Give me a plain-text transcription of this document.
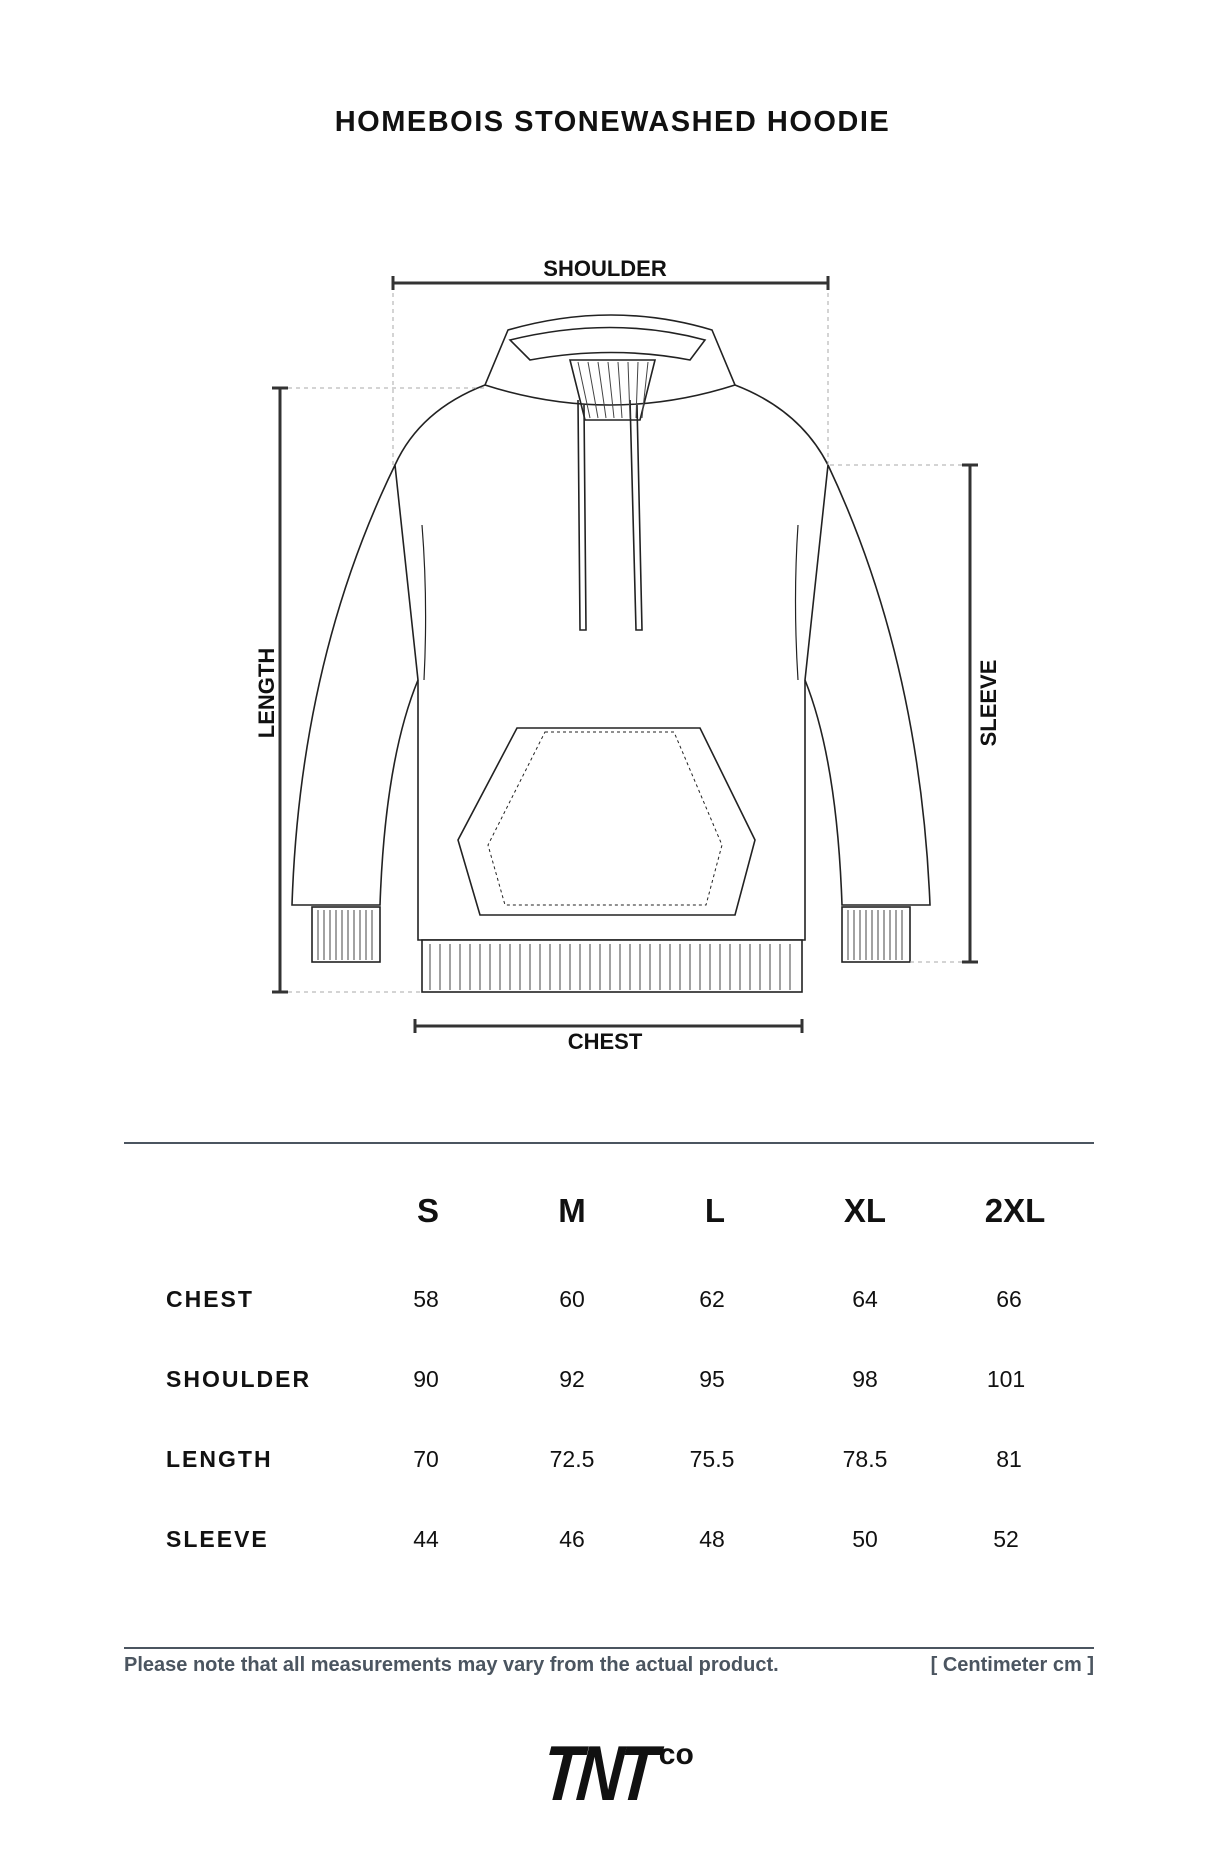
HOMEBOIS STONEWASHED HOODIE
SHOULDER
CHEST
LENGTH	SLEEVE
S	M	L	XL	2XL
CHEST	58	60	62	64	66
SHOULDER	90	92	95	98	101
LENGTH	70	72.5	75.5	78.5	81
SLEEVE	44	46	48	50	52
Please note that all measurements may vary from the actual product.	[ Centimeter cm ]
TNTco
